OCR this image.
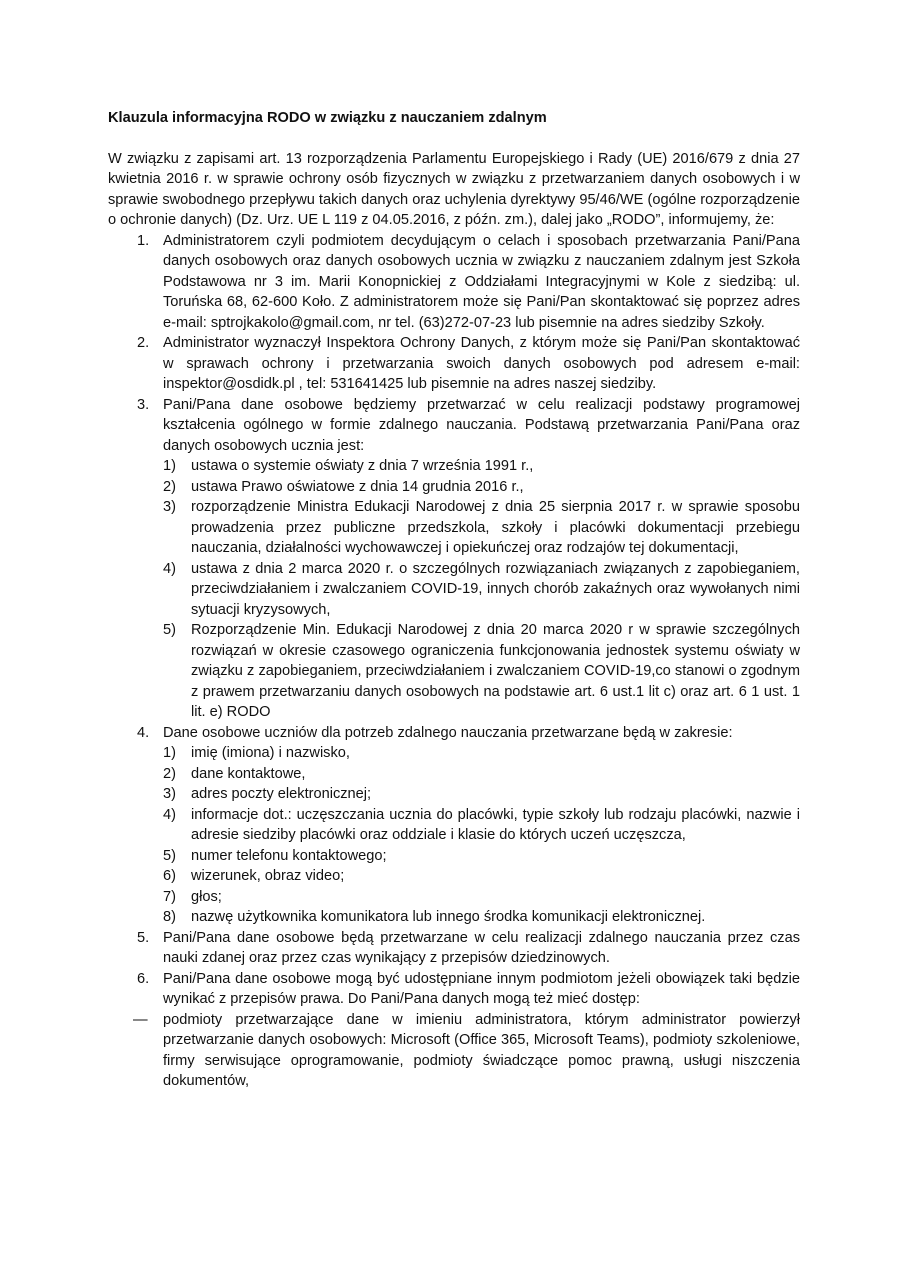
Klauzula informacyjna RODO w związku z nauczaniem zdalnym

W związku z zapisami art. 13 rozporządzenia Parlamentu Europejskiego i Rady (UE) 2016/679 z dnia 27 kwietnia 2016 r. w sprawie ochrony osób fizycznych w związku z przetwarzaniem danych osobowych i w sprawie swobodnego przepływu takich danych oraz uchylenia dyrektywy 95/46/WE (ogólne rozporządzenie o ochronie danych) (Dz. Urz. UE L 119 z 04.05.2016, z późn. zm.), dalej jako „RODO”, informujemy, że:

1. Administratorem czyli podmiotem decydującym o celach i sposobach przetwarzania Pani/Pana danych osobowych oraz danych osobowych ucznia w związku z nauczaniem zdalnym jest Szkoła Podstawowa nr 3 im. Marii Konopnickiej z Oddziałami Integracyjnymi w Kole z siedzibą: ul. Toruńska 68, 62-600 Koło. Z administratorem może się Pani/Pan skontaktować się poprzez adres e-mail: sptrojkakolo@gmail.com, nr tel. (63)272-07-23 lub pisemnie na adres siedziby Szkoły.
2. Administrator wyznaczył Inspektora Ochrony Danych, z którym może się Pani/Pan skontaktować w sprawach ochrony i przetwarzania swoich danych osobowych pod adresem e-mail: inspektor@osdidk.pl , tel: 531641425 lub pisemnie na adres naszej siedziby.
3. Pani/Pana dane osobowe będziemy przetwarzać w celu realizacji podstawy programowej kształcenia ogólnego w formie zdalnego nauczania. Podstawą przetwarzania Pani/Pana oraz danych osobowych ucznia jest:
1) ustawa o systemie oświaty z dnia 7 września 1991 r.,
2) ustawa Prawo oświatowe z dnia 14 grudnia 2016 r.,
3) rozporządzenie Ministra Edukacji Narodowej z dnia 25 sierpnia 2017 r. w sprawie sposobu prowadzenia przez publiczne przedszkola, szkoły i placówki dokumentacji przebiegu nauczania, działalności wychowawczej i opiekuńczej oraz rodzajów tej dokumentacji,
4) ustawa z dnia 2 marca 2020 r. o szczególnych rozwiązaniach związanych z zapobieganiem, przeciwdziałaniem i zwalczaniem COVID-19, innych chorób zakaźnych oraz wywołanych nimi sytuacji kryzysowych,
5) Rozporządzenie Min. Edukacji Narodowej z dnia 20 marca 2020 r w sprawie szczególnych rozwiązań w okresie czasowego ograniczenia funkcjonowania jednostek systemu oświaty w związku z zapobieganiem, przeciwdziałaniem i zwalczaniem COVID-19,co stanowi o zgodnym z prawem przetwarzaniu danych osobowych na podstawie art. 6 ust.1 lit c) oraz art. 6 1 ust. 1 lit. e) RODO
4. Dane osobowe uczniów dla potrzeb zdalnego nauczania przetwarzane będą w zakresie:
1) imię (imiona) i nazwisko,
2) dane kontaktowe,
3) adres poczty elektronicznej;
4) informacje dot.: uczęszczania ucznia do placówki, typie szkoły lub rodzaju placówki, nazwie i adresie siedziby placówki oraz oddziale i klasie do których uczeń uczęszcza,
5) numer telefonu kontaktowego;
6) wizerunek, obraz video;
7) głos;
8) nazwę użytkownika komunikatora lub innego środka komunikacji elektronicznej.
5. Pani/Pana dane osobowe będą przetwarzane w celu realizacji zdalnego nauczania przez czas nauki zdanej oraz przez czas wynikający z przepisów dziedzinowych.
6. Pani/Pana dane osobowe mogą być udostępniane innym podmiotom jeżeli obowiązek taki będzie wynikać z przepisów prawa. Do Pani/Pana danych mogą też mieć dostęp:
— podmioty przetwarzające dane w imieniu administratora, którym administrator powierzył przetwarzanie danych osobowych: Microsoft (Office 365, Microsoft Teams), podmioty szkoleniowe, firmy serwisujące oprogramowanie, podmioty świadczące pomoc prawną, usługi niszczenia dokumentów,
